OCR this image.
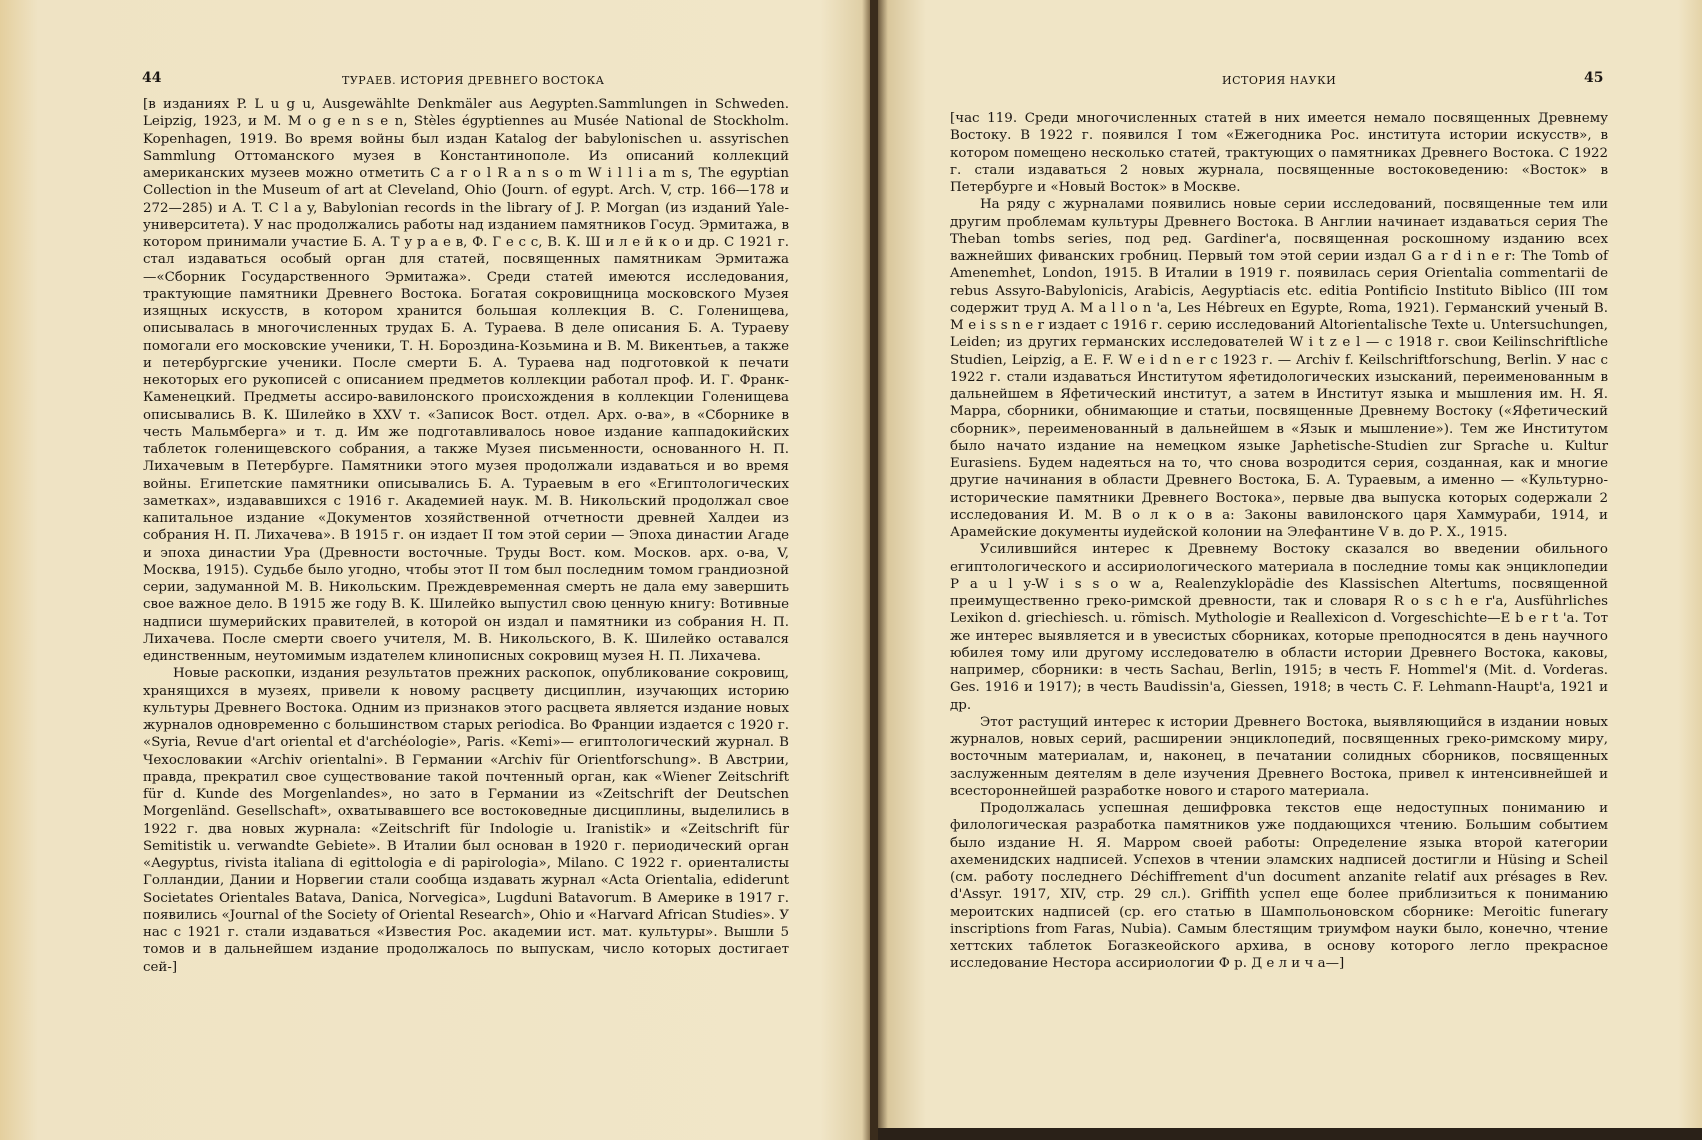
44	ТУРАЕВ. ИСТОРИЯ ДРЕВНЕГО ВОСТОКА

[в изданиях P. L u g u, Ausgewählte Denkmäler aus Aegypten.Sammlungen in Schweden. Leipzig, 1923, и M. M o g e n s e n, Stèles égyptiennes au Musée National de Stockholm. Kopenhagen, 1919. Во время войны был издан Katalog der babylonischen u. assyrischen Sammlung Оттоманского музея в Константинополе. Из описаний коллекций американских музеев можно отметить C a r o l R a n s o m W i l l i a m s, The egyptian Collection in the Museum of art at Cleveland, Ohio (Journ. of egypt. Arch. V, стр. 166—178 и 272—285) и A. T. C l a y, Babylonian records in the library of J. P. Morgan (из изданий Yale-университета). У нас продолжались работы над изданием памятников Госуд. Эрмитажа, в котором принимали участие Б. А. Т у р а е в, Ф. Г е с с, В. К. Ш и л е й к о и др. С 1921 г. стал издаваться особый орган для статей, посвященных памятникам Эрмитажа—«Сборник Государственного Эрмитажа». Среди статей имеются исследования, трактующие памятники Древнего Востока. Богатая сокровищница московского Музея изящных искусств, в котором хранится большая коллекция В. С. Голенищева, описывалась в многочисленных трудах Б. А. Тураева. В деле описания Б. А. Тураеву помогали его московские ученики, Т. Н. Бороздина-Козьмина и В. М. Викентьев, а также и петербургские ученики. После смерти Б. А. Тураева над подготовкой к печати некоторых его рукописей с описанием предметов коллекции работал проф. И. Г. Франк-Каменецкий. Предметы ассиро-вавилонского происхождения в коллекции Голенищева описывались В. К. Шилейко в XXV т. «Записок Вост. отдел. Арх. о-ва», в «Сборнике в честь Мальмберга» и т. д. Им же подготавливалось новое издание каппадокийских таблеток голенищевского собрания, а также Музея письменности, основанного Н. П. Лихачевым в Петербурге. Памятники этого музея продолжали издаваться и во время войны. Египетские памятники описывались Б. А. Тураевым в его «Египтологических заметках», издававшихся с 1916 г. Академией наук. М. В. Никольский продолжал свое капитальное издание «Документов хозяйственной отчетности древней Халдеи из собрания Н. П. Лихачева». В 1915 г. он издает II том этой серии — Эпоха династии Агаде и эпоха династии Ура (Древности восточные. Труды Вост. ком. Москов. арх. о-ва, V, Москва, 1915). Судьбе было угодно, чтобы этот II том был последним томом грандиозной серии, задуманной М. В. Никольским. Преждевременная смерть не дала ему завершить свое важное дело. В 1915 же году В. К. Шилейко выпустил свою ценную книгу: Вотивные надписи шумерийских правителей, в которой он издал и памятники из собрания Н. П. Лихачева. После смерти своего учителя, М. В. Никольского, В. К. Шилейко оставался единственным, неутомимым издателем клинописных сокровищ музея Н. П. Лихачева.

Новые раскопки, издания результатов прежних раскопок, опубликование сокровищ, хранящихся в музеях, привели к новому расцвету дисциплин, изучающих историю культуры Древнего Востока. Одним из признаков этого расцвета является издание новых журналов одновременно с большинством старых periodica. Во Франции издается с 1920 г. «Syria, Revue d'art oriental et d'archéologie», Paris. «Kemi»— египтологический журнал. В Чехословакии «Archiv orientalni». В Германии «Archiv für Orientforschung». В Австрии, правда, прекратил свое существование такой почтенный орган, как «Wiener Zeitschrift für d. Kunde des Morgenlandes», но зато в Германии из «Zeitschrift der Deutschen Morgenländ. Gesellschaft», охватывавшего все востоковедные дисциплины, выделились в 1922 г. два новых журнала: «Zeitschrift für Indologie u. Iranistik» и «Zeitschrift für Semitistik u. verwandte Gebiete». В Италии был основан в 1920 г. периодический орган «Aegyptus, rivista italiana di egittologia e di papirologia», Milano. С 1922 г. ориенталисты Голландии, Дании и Норвегии стали сообща издавать журнал «Acta Orientalia, ediderunt Societates Orientales Batava, Danica, Norvegica», Lugduni Batavorum. В Америке в 1917 г. появились «Journal of the Society of Oriental Research», Ohio и «Harvard African Studies». У нас с 1921 г. стали издаваться «Известия Рос. академии ист. мат. культуры». Вышли 5 томов и в дальнейшем издание продолжалось по выпускам, число которых достигает сей-]

ИСТОРИЯ НАУКИ	45

[час 119. Среди многочисленных статей в них имеется немало посвященных Древнему Востоку. В 1922 г. появился I том «Ежегодника Рос. института истории искусств», в котором помещено несколько статей, трактующих о памятниках Древнего Востока. С 1922 г. стали издаваться 2 новых журнала, посвященные востоковедению: «Восток» в Петербурге и «Новый Восток» в Москве.

На ряду с журналами появились новые серии исследований, посвященные тем или другим проблемам культуры Древнего Востока. В Англии начинает издаваться серия The Theban tombs series, под ред. Gardiner'a, посвященная роскошному изданию всех важнейших фиванских гробниц. Первый том этой серии издал G a r d i n e r: The Tomb of Amenemhet, London, 1915. В Италии в 1919 г. появилась серия Orientalia commentarii de rebus Assyro-Babylonicis, Arabicis, Aegyptiacis etc. editia Pontificio Instituto Biblico (III том содержит труд A. M a l l o n 'a, Les Hébreux en Egypte, Roma, 1921). Германский ученый B. M e i s s n e r издает с 1916 г. серию исследований Altorientalische Texte u. Untersuchungen, Leiden; из других германских исследователей W i t z e l — с 1918 г. свои Keilinschriftliche Studien, Leipzig, а E. F. W e i d n e r с 1923 г. — Archiv f. Keilschriftforschung, Berlin. У нас с 1922 г. стали издаваться Институтом яфетидологических изысканий, переименованным в дальнейшем в Яфетический институт, а затем в Институт языка и мышления им. Н. Я. Марра, сборники, обнимающие и статьи, посвященные Древнему Востоку («Яфетический сборник», переименованный в дальнейшем в «Язык и мышление»). Тем же Институтом было начато издание на немецком языке Japhetische-Studien zur Sprache u. Kultur Eurasiens. Будем надеяться на то, что снова возродится серия, созданная, как и многие другие начинания в области Древнего Востока, Б. А. Тураевым, а именно — «Культурно-исторические памятники Древнего Востока», первые два выпуска которых содержали 2 исследования И. М. В о л к о в а: Законы вавилонского царя Хаммураби, 1914, и Арамейские документы иудейской колонии на Элефантине V в. до Р. Х., 1915.

Усилившийся интерес к Древнему Востоку сказался во введении обильного египтологического и ассириологического материала в последние томы как энциклопедии P a u l y-W i s s o w a, Realenzyklopädie des Klassischen Altertums, посвященной преимущественно греко-римской древности, так и словаря R o s c h e r'а, Ausführliches Lexikon d. griechiesch. u. römisch. Mythologie и Reallexicon d. Vorgeschichte—E b e r t 'а. Тот же интерес выявляется и в увесистых сборниках, которые преподносятся в день научного юбилея тому или другому исследователю в области истории Древнего Востока, каковы, например, сборники: в честь Sachau, Berlin, 1915; в честь F. Hommel'я (Mit. d. Vorderas. Ges. 1916 и 1917); в честь Baudissin'а, Giessen, 1918; в честь C. F. Lehmann-Haupt'а, 1921 и др.

Этот растущий интерес к истории Древнего Востока, выявляющийся в издании новых журналов, новых серий, расширении энциклопедий, посвященных греко-римскому миру, восточным материалам, и, наконец, в печатании солидных сборников, посвященных заслуженным деятелям в деле изучения Древнего Востока, привел к интенсивнейшей и всестороннейшей разработке нового и старого материала.

Продолжалась успешная дешифровка текстов еще недоступных пониманию и филологическая разработка памятников уже поддающихся чтению. Большим событием было издание Н. Я. Марром своей работы: Определение языка второй категории ахеменидских надписей. Успехов в чтении эламских надписей достигли и Hüsing и Scheil (см. работу последнего Déchiffrement d'un document anzanite relatif aux présages в Rev. d'Assyr. 1917, XIV, стр. 29 сл.). Griffith успел еще более приблизиться к пониманию мероитских надписей (ср. его статью в Шампольоновском сборнике: Meroitic funerary inscriptions from Faras, Nubia). Самым блестящим триумфом науки было, конечно, чтение хеттских таблеток Богазкеойского архива, в основу которого легло прекрасное исследование Нестора ассириологии Ф р. Д е л и ч а—]
